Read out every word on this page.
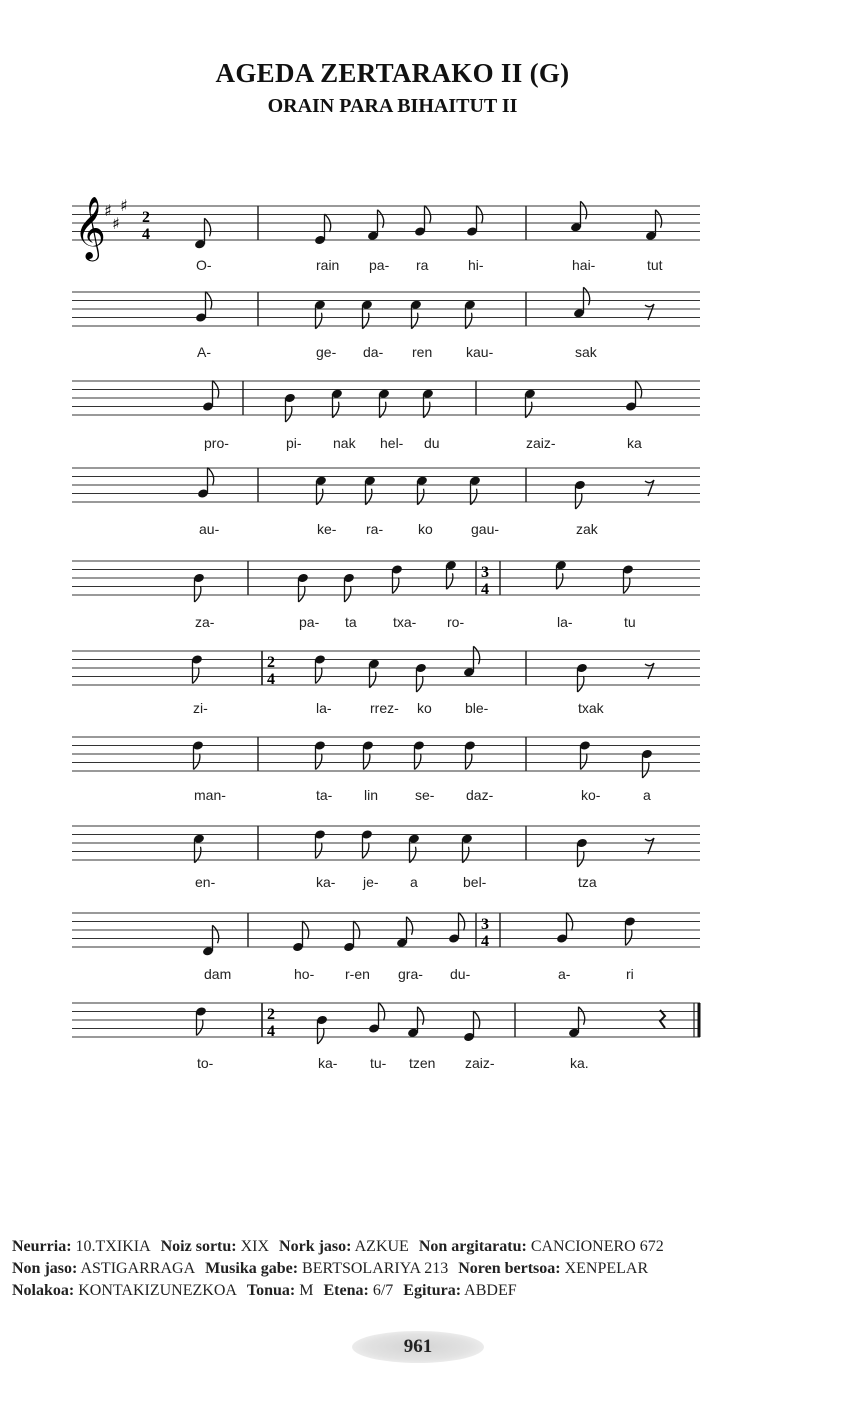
AGEDA ZERTARAKO II (G)
ORAIN PARA BIHAITUT II
O-	rain pa- ra	hi-	hai-	tut
A-	ge- da- ren kau-	sak
pro-	pi- nak hel- du	zaiz-	ka
au-	ke- ra- ko	gau-	zak
3
4
za-	pa- ta	txa- ro-	la-	tu
2
4
zi-	la-	rrez- ko ble-	txak
man-	ta- lin	se- daz-	ko-	a
en-	ka- je- a	bel-	tza
3
4
dam	ho- r-en gra- du-	a-	ri
2
4
to-	ka- tu- tzen zaiz-	ka.
𝄞
♯
♯
♯
2
4
Neurria: 10.TXIKIA Noiz sortu: XIX Nork jaso: AZKUE Non argitaratu: CANCIONERO 672
Non jaso: ASTIGARRAGA Musika gabe: BERTSOLARIYA 213 Noren bertsoa: XENPELAR
Nolakoa: KONTAKIZUNEZKOA Tonua: M Etena: 6/7 Egitura: ABDEF
961
